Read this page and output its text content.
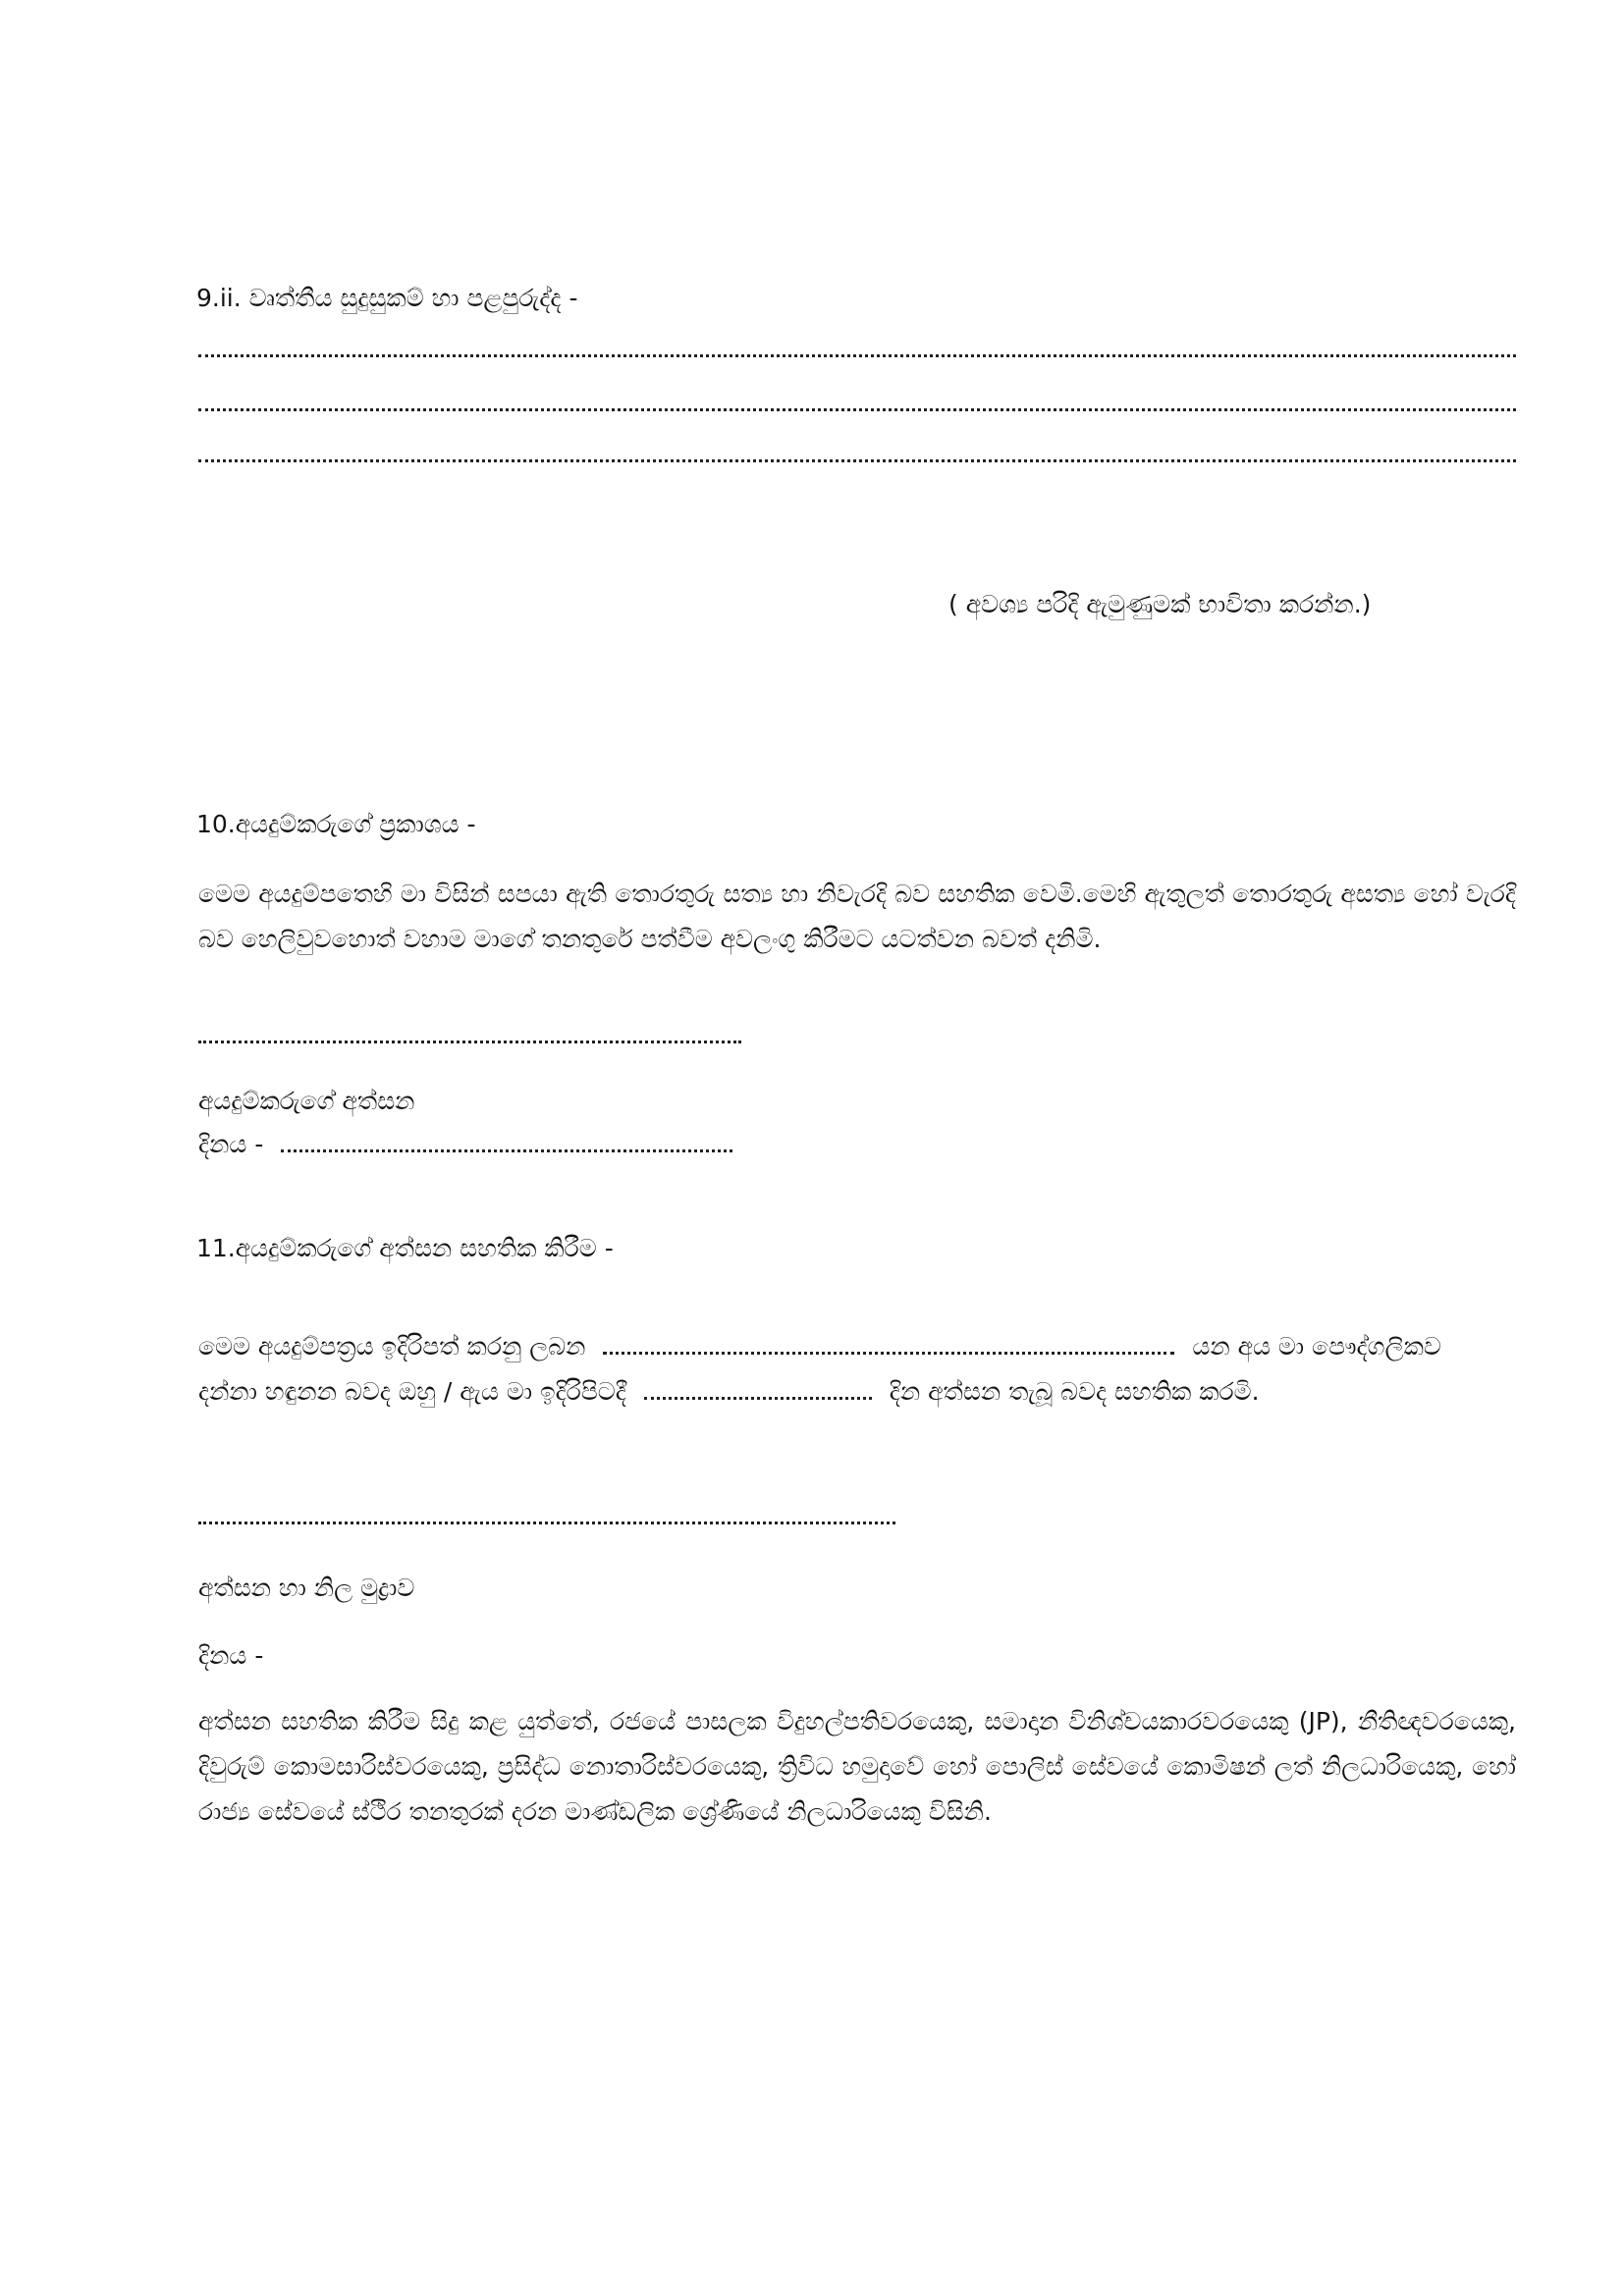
9.ii. වෘත්තීය සුදුසුකම් හා පළපුරුද්ද -
( අවශ්‍ය පරිදි ඇමුණුමක් භාවිතා කරන්න.)
10.අයදුම්කරුගේ ප්‍රකාශය -
මෙම අයදුම්පතෙහි මා විසින් සපයා ඇති තොරතුරු සත්‍ය හා නිවැරදි බව සහතික වෙමි.මෙහි ඇතුලත් තොරතුරු අසත්‍ය හෝ වැරදි බව හෙලිවුවහොත් වහාම මාගේ තනතුරේ පත්වීම අවලංගු කිරීමට යටත්වන බවත් දනිමි.
අයදුම්කරුගේ අත්සන
දිනය -
11.අයදුම්කරුගේ අත්සන සහතික කිරීම -
මෙම අයදුම්පත්‍රය ඉදිරිපත් කරනු ලබන	යන අය මා පෞද්ගලිකව
දන්නා හඳුනන බවද ඔහු / ඇය මා ඉදිරිපිටදී	දින අත්සන තැබූ බවද සහතික කරමි.
අත්සන හා නිල මුද්‍රාව
දිනය -
අත්සන සහතික කිරීම සිදු කළ යුත්තේ, රජයේ පාසලක විදුහල්පතිවරයෙකු, සමාදාන විනිශ්චයකාරවරයෙකු (JP), නීතිඥවරයෙකු, දිවුරුම් කොමසාරිස්වරයෙකු, ප්‍රසිද්ධ නොතාරිස්වරයෙකු, ත්‍රිවිධ හමුදාවේ හෝ පොලිස් සේවයේ කොමිෂන් ලත් නිලධාරියෙකු, හෝ රාජ්‍ය සේවයේ ස්ථිර තනතුරක් දරන මාණ්ඩලික ශ්‍රේණියේ නිලධාරියෙකු විසිනි.
